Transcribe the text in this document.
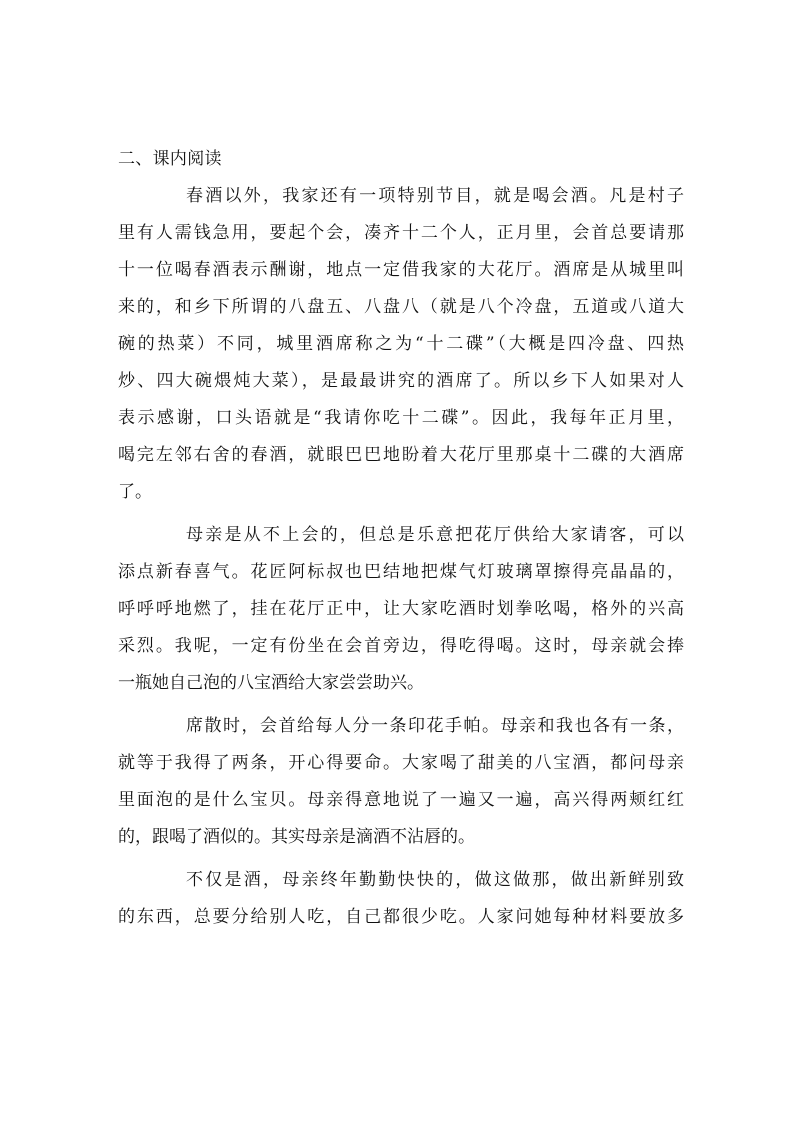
二、课内阅读
春酒以外，我家还有一项特别节目，就是喝会酒。凡是村子
里有人需钱急用，要起个会，凑齐十二个人，正月里，会首总要请那
十一位喝春酒表示酬谢，地点一定借我家的大花厅。酒席是从城里叫
来的，和乡下所谓的八盘五、八盘八（就是八个冷盘，五道或八道大
碗的热菜）不同，城里酒席称之为“十二碟”（大概是四冷盘、四热
炒、四大碗煨炖大菜），是最最讲究的酒席了。所以乡下人如果对人
表示感谢，口头语就是“我请你吃十二碟”。因此，我每年正月里，
喝完左邻右舍的春酒，就眼巴巴地盼着大花厅里那桌十二碟的大酒席
了。
母亲是从不上会的，但总是乐意把花厅供给大家请客，可以
添点新春喜气。花匠阿标叔也巴结地把煤气灯玻璃罩擦得亮晶晶的，
呼呼呼地燃了，挂在花厅正中，让大家吃酒时划拳吆喝，格外的兴高
采烈。我呢，一定有份坐在会首旁边，得吃得喝。这时，母亲就会捧
一瓶她自己泡的八宝酒给大家尝尝助兴。
席散时，会首给每人分一条印花手帕。母亲和我也各有一条，
就等于我得了两条，开心得要命。大家喝了甜美的八宝酒，都问母亲
里面泡的是什么宝贝。母亲得意地说了一遍又一遍，高兴得两颊红红
的，跟喝了酒似的。其实母亲是滴酒不沾唇的。
不仅是酒，母亲终年勤勤快快的，做这做那，做出新鲜别致
的东西，总要分给别人吃，自己都很少吃。人家问她每种材料要放多
